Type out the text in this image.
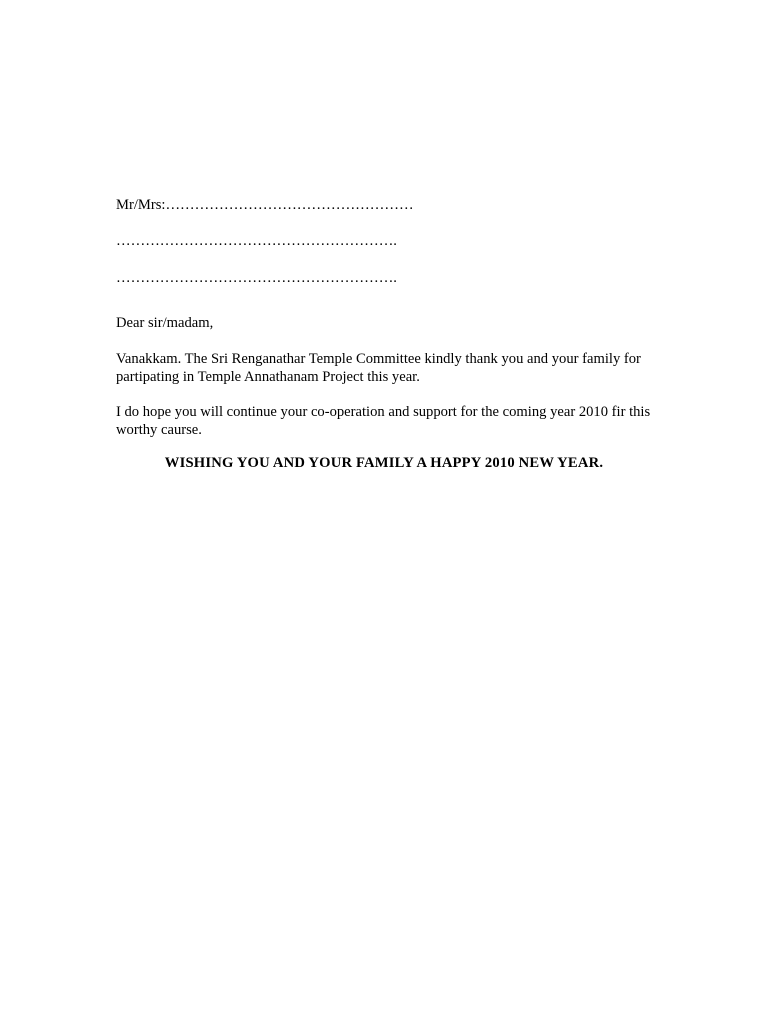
Mr/Mrs:……………………………………………

………………………………………………….

………………………………………………….

Dear sir/madam,

Vanakkam. The Sri Renganathar Temple Committee kindly thank you and your family for partipating in Temple Annathanam Project this year.

I do hope you will continue your co-operation and support for the coming year 2010 fir this worthy caurse.

WISHING YOU AND YOUR FAMILY A HAPPY 2010 NEW YEAR.
